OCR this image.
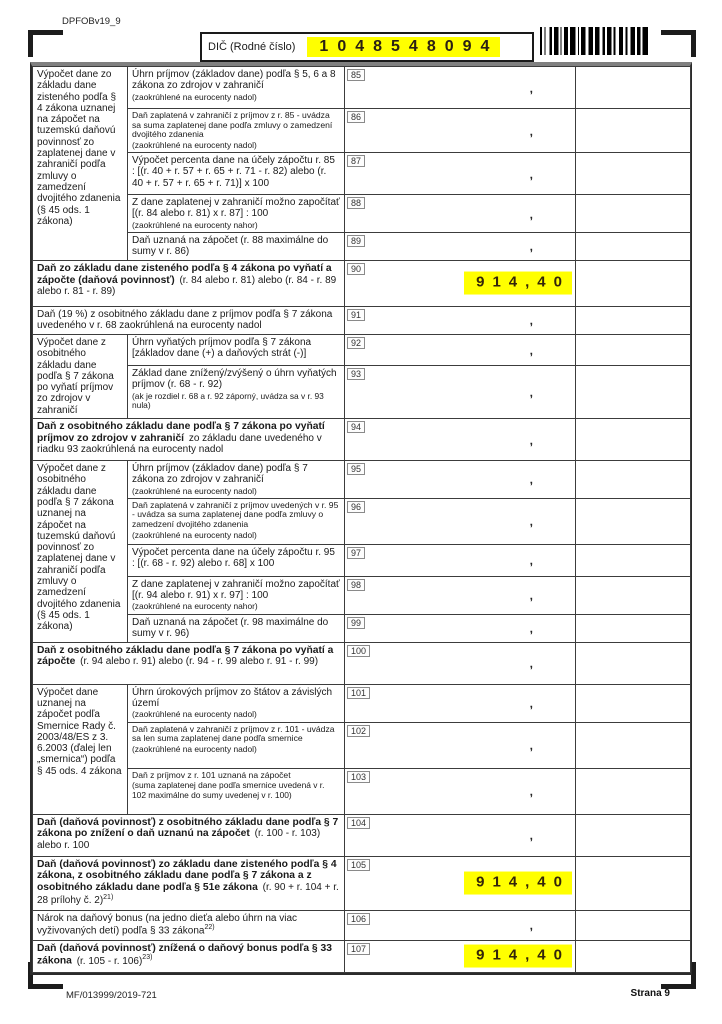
DPFOBv19_9
DIČ (Rodné číslo)	1048548094
Výpočet dane zo základu dane zisteného podľa § 4 zákona uznanej na zápočet na tuzemskú daňovú povinnosť zo zaplatenej dane v zahraničí podľa zmluvy o zamedzení dvojitého zdanenia (§ 45 ods. 1 zákona)	Úhrn príjmov (základov dane) podľa § 5, 6 a 8 zákona zo zdrojov v zahraničí
(zaokrúhlené na eurocenty nadol)	85
,	

	Daň zaplatená v zahraničí z príjmov z r. 85 - uvádza sa suma zaplatenej dane podľa zmluvy o zamedzení dvojitého zdanenia
(zaokrúhlené na eurocenty nadol)	86
,	

	Výpočet percenta dane na účely zápočtu r. 85 : [(r. 40 + r. 57 + r. 65 + r. 71 - r. 82) alebo (r. 40 + r. 57 + r. 65 + r. 71)] x 100	87
,	

	Z dane zaplatenej v zahraničí možno započítať [(r. 84 alebo r. 81) x r. 87] : 100
(zaokrúhlené na eurocenty nahor)	88
,	

	Daň uznaná na zápočet (r. 88 maximálne do sumy v r. 86)	89 ,	

Daň zo základu dane zisteného podľa § 4 zákona po vyňatí a zápočte (daňová povinnosť) (r. 84 alebo r. 81) alebo (r. 84 - r. 89 alebo r. 81 - r. 89)		90
914,40	

Daň (19 %) z osobitného základu dane z príjmov podľa § 7 zákona uvedeného v r. 68 zaokrúhlená na eurocenty nadol		91 ,	

Výpočet dane z osobitného základu dane podľa § 7 zákona po vyňatí príjmov zo zdrojov v zahraničí	Úhrn vyňatých príjmov podľa § 7 zákona [základov dane (+) a daňových strát (-)]	92
,	

	Základ dane znížený/zvýšený o úhrn vyňatých príjmov (r. 68 - r. 92)
(ak je rozdiel r. 68 a r. 92 záporný, uvádza sa v r. 93 nula)	93
,	

Daň z osobitného základu dane podľa § 7 zákona po vyňatí príjmov zo zdrojov v zahraničí zo základu dane uvedeného v riadku 93 zaokrúhlená na eurocenty nadol		94
,	

Výpočet dane z osobitného základu dane podľa § 7 zákona uznanej na zápočet na tuzemskú daňovú povinnosť zo zaplatenej dane v zahraničí podľa zmluvy o zamedzení dvojitého zdanenia (§ 45 ods. 1 zákona)	Úhrn príjmov (základov dane) podľa § 7 zákona zo zdrojov v zahraničí
(zaokrúhlené na eurocenty nadol)	95
,	

	Daň zaplatená v zahraničí z príjmov uvedených v r. 95 - uvádza sa suma zaplatenej dane podľa zmluvy o zamedzení dvojitého zdanenia
(zaokrúhlené na eurocenty nadol)	96
,	

	Výpočet percenta dane na účely zápočtu r. 95 : [(r. 68 - r. 92) alebo r. 68] x 100	97
,	

	Z dane zaplatenej v zahraničí možno započítať [(r. 94 alebo r. 91) x r. 97] : 100
(zaokrúhlené na eurocenty nahor)	98
,	

	Daň uznaná na zápočet (r. 98 maximálne do sumy v r. 96)	99 ,	

Daň z osobitného základu dane podľa § 7 zákona po vyňatí a zápočte (r. 94 alebo r. 91) alebo (r. 94 - r. 99 alebo r. 91 - r. 99)		100
,	

Výpočet dane uznanej na zápočet podľa Smernice Rady č. 2003/48/ES z 3. 6.2003 (ďalej len „smernica“) podľa § 45 ods. 4 zákona	Úhrn úrokových príjmov zo štátov a závislých území
(zaokrúhlené na eurocenty nadol)	101
,	

	Daň zaplatená v zahraničí z príjmov z r. 101 - uvádza sa len suma zaplatenej dane podľa smernice
(zaokrúhlené na eurocenty nadol)	102
,	

	Daň z príjmov z r. 101 uznaná na zápočet
(suma zaplatenej dane podľa smernice uvedená v r. 102 maximálne do sumy uvedenej v r. 100)	103
,	

Daň (daňová povinnosť) z osobitného základu dane podľa § 7 zákona po znížení o daň uznanú na zápočet (r. 100 - r. 103) alebo r. 100		104
,	

Daň (daňová povinnosť) zo základu dane zisteného podľa § 4 zákona, z osobitného základu dane podľa § 7 zákona a z osobitného základu dane podľa § 51e zákona (r. 90 + r. 104 + r. 28 prílohy č. 2)$^{21)}$		105
914,40	

Nárok na daňový bonus (na jedno dieťa alebo úhrn na viac vyživovaných detí) podľa § 33 zákona$^{22)}$		106 ,	

Daň (daňová povinnosť) znížená o daňový bonus podľa § 33 zákona (r. 105 - r. 106)$^{23)}$		107 914,40	

MF/013999/2019-721	Strana 9
